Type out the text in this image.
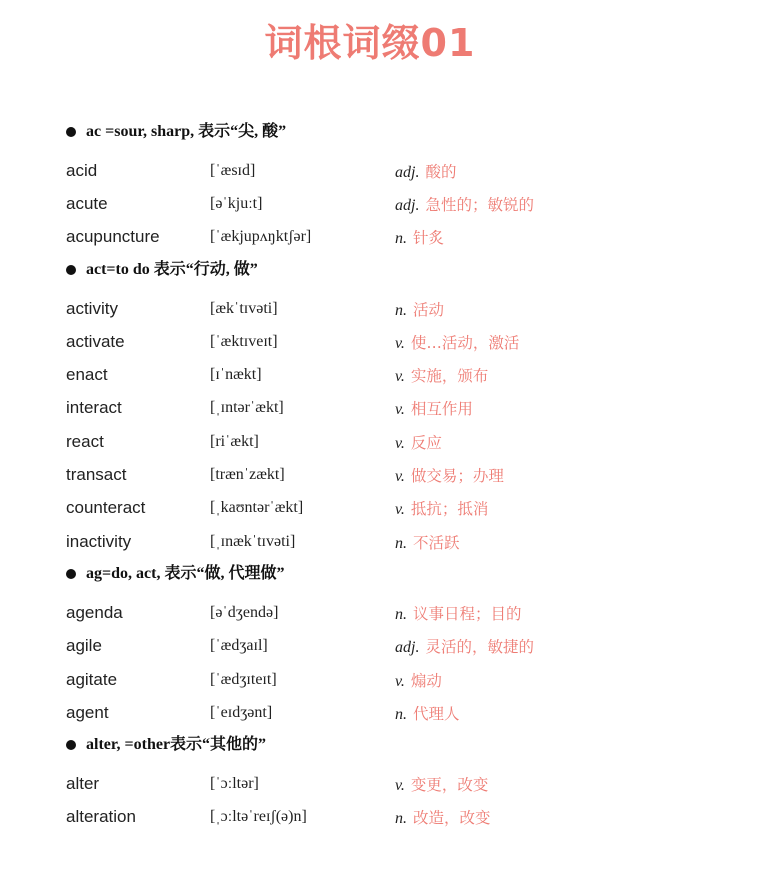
词根词缀01
ac =sour, sharp, 表示“尖, 酸”
acid	[ˈæsɪd]	adj. 酸的
acute	[əˈkjuːt]	adj. 急性的；敏锐的
acupuncture	[ˈækjupʌŋktʃər]	n. 针炙
act=to do 表示“行动, 做”
activity	[ækˈtɪvəti]	n. 活动
activate	[ˈæktɪveɪt]	v. 使…活动，激活
enact	[ɪˈnækt]	v. 实施，颁布
interact	[ˌɪntərˈækt]	v. 相互作用
react	[riˈækt]	v. 反应
transact	[trænˈzækt]	v. 做交易；办理
counteract	[ˌkaʊntərˈækt]	v. 抵抗；抵消
inactivity	[ˌɪnækˈtɪvəti]	n. 不活跃
ag=do, act, 表示“做, 代理做”
agenda	[əˈdʒendə]	n. 议事日程；目的
agile	[ˈædʒaɪl]	adj. 灵活的，敏捷的
agitate	[ˈædʒɪteɪt]	v. 煽动
agent	[ˈeɪdʒənt]	n. 代理人
alter, =other表示“其他的”
alter	[ˈɔːltər]	v. 变更，改变
alteration	[ˌɔːltəˈreɪʃ(ə)n]	n. 改造，改变
